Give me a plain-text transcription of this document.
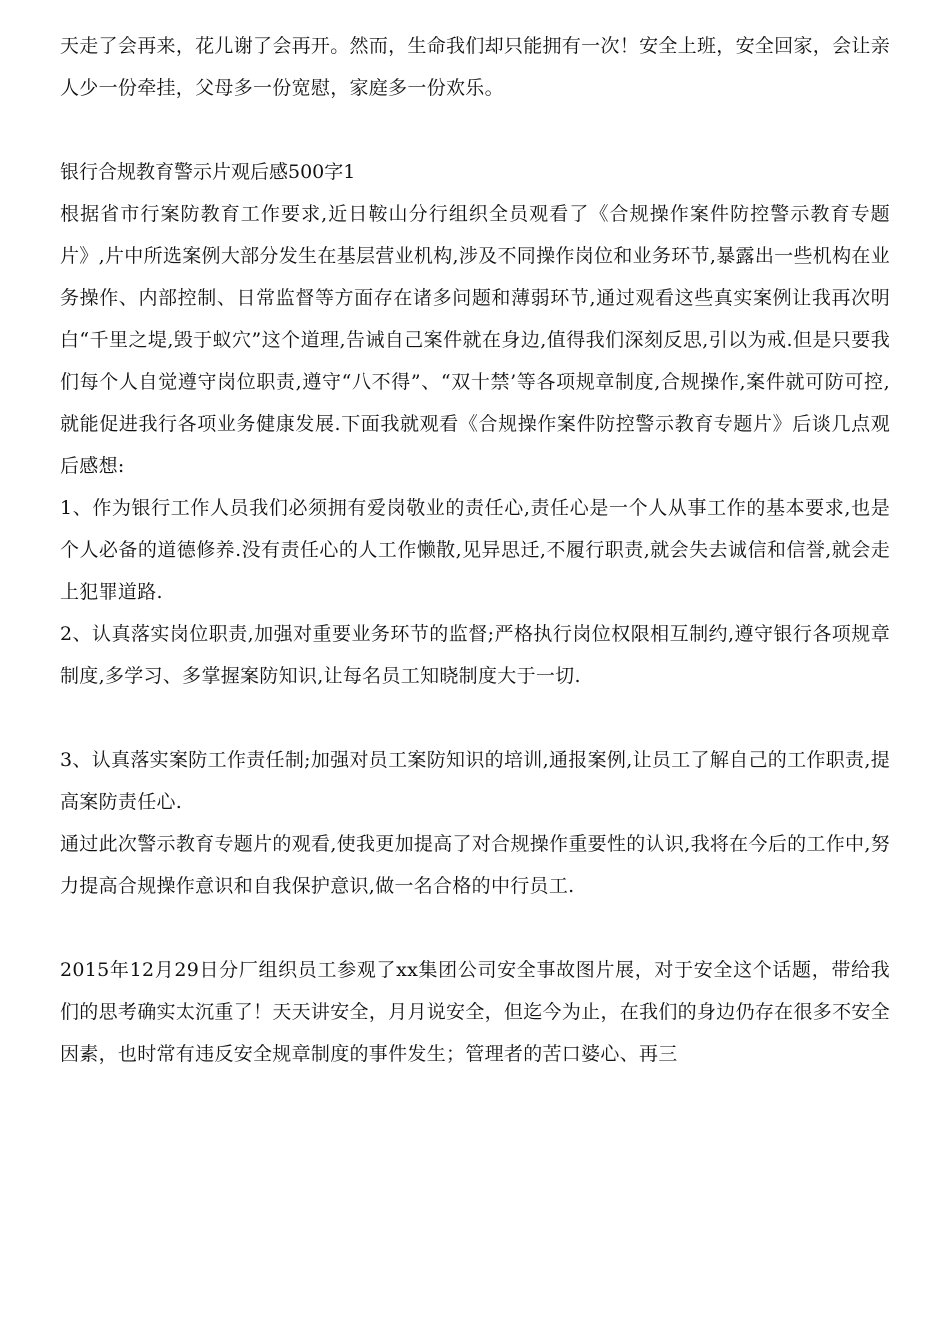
天走了会再来，花儿谢了会再开。然而，生命我们却只能拥有一次！安全上班，安全回家，会让亲人少一份牵挂，父母多一份宽慰，家庭多一份欢乐。

银行合规教育警示片观后感500字1

根据省市行案防教育工作要求,近日鞍山分行组织全员观看了《合规操作案件防控警示教育专题片》,片中所选案例大部分发生在基层营业机构,涉及不同操作岗位和业务环节,暴露出一些机构在业务操作、内部控制、日常监督等方面存在诸多问题和薄弱环节,通过观看这些真实案例让我再次明白“千里之堤,毁于蚁穴”这个道理,告诫自己案件就在身边,值得我们深刻反思,引以为戒.但是只要我们每个人自觉遵守岗位职责,遵守“八不得”、“双十禁’等各项规章制度,合规操作,案件就可防可控,就能促进我行各项业务健康发展.下面我就观看《合规操作案件防控警示教育专题片》后谈几点观后感想:

1、作为银行工作人员我们必须拥有爱岗敬业的责任心,责任心是一个人从事工作的基本要求,也是个人必备的道德修养.没有责任心的人工作懒散,见异思迁,不履行职责,就会失去诚信和信誉,就会走上犯罪道路.

2、认真落实岗位职责,加强对重要业务环节的监督;严格执行岗位权限相互制约,遵守银行各项规章制度,多学习、多掌握案防知识,让每名员工知晓制度大于一切.

3、认真落实案防工作责任制;加强对员工案防知识的培训,通报案例,让员工了解自己的工作职责,提高案防责任心.

通过此次警示教育专题片的观看,使我更加提高了对合规操作重要性的认识,我将在今后的工作中,努力提高合规操作意识和自我保护意识,做一名合格的中行员工.

2015年12月29日分厂组织员工参观了xx集团公司安全事故图片展，对于安全这个话题，带给我们的思考确实太沉重了！天天讲安全，月月说安全，但迄今为止，在我们的身边仍存在很多不安全因素，也时常有违反安全规章制度的事件发生；管理者的苦口婆心、再三
